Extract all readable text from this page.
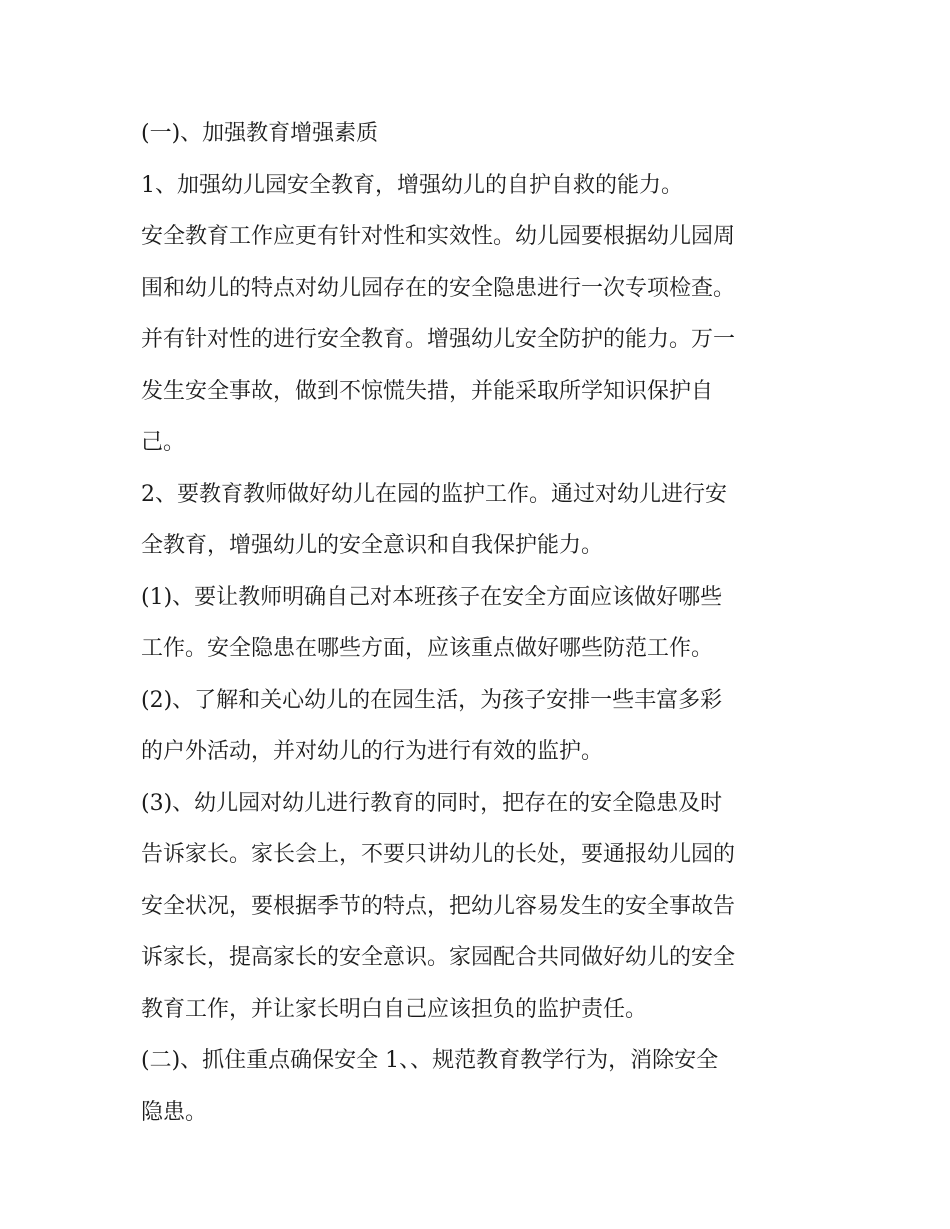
(一)、加强教育增强素质
1、加强幼儿园安全教育，增强幼儿的自护自救的能力。
安全教育工作应更有针对性和实效性。幼儿园要根据幼儿园周
围和幼儿的特点对幼儿园存在的安全隐患进行一次专项检查。
并有针对性的进行安全教育。增强幼儿安全防护的能力。万一
发生安全事故，做到不惊慌失措，并能采取所学知识保护自
己。
2、要教育教师做好幼儿在园的监护工作。通过对幼儿进行安
全教育，增强幼儿的安全意识和自我保护能力。
(1)、要让教师明确自己对本班孩子在安全方面应该做好哪些
工作。安全隐患在哪些方面，应该重点做好哪些防范工作。
(2)、了解和关心幼儿的在园生活，为孩子安排一些丰富多彩
的户外活动，并对幼儿的行为进行有效的监护。
(3)、幼儿园对幼儿进行教育的同时，把存在的安全隐患及时
告诉家长。家长会上，不要只讲幼儿的长处，要通报幼儿园的
安全状况，要根据季节的特点，把幼儿容易发生的安全事故告
诉家长，提高家长的安全意识。家园配合共同做好幼儿的安全
教育工作，并让家长明白自己应该担负的监护责任。
(二)、抓住重点确保安全 1、、规范教育教学行为，消除安全
隐患。
